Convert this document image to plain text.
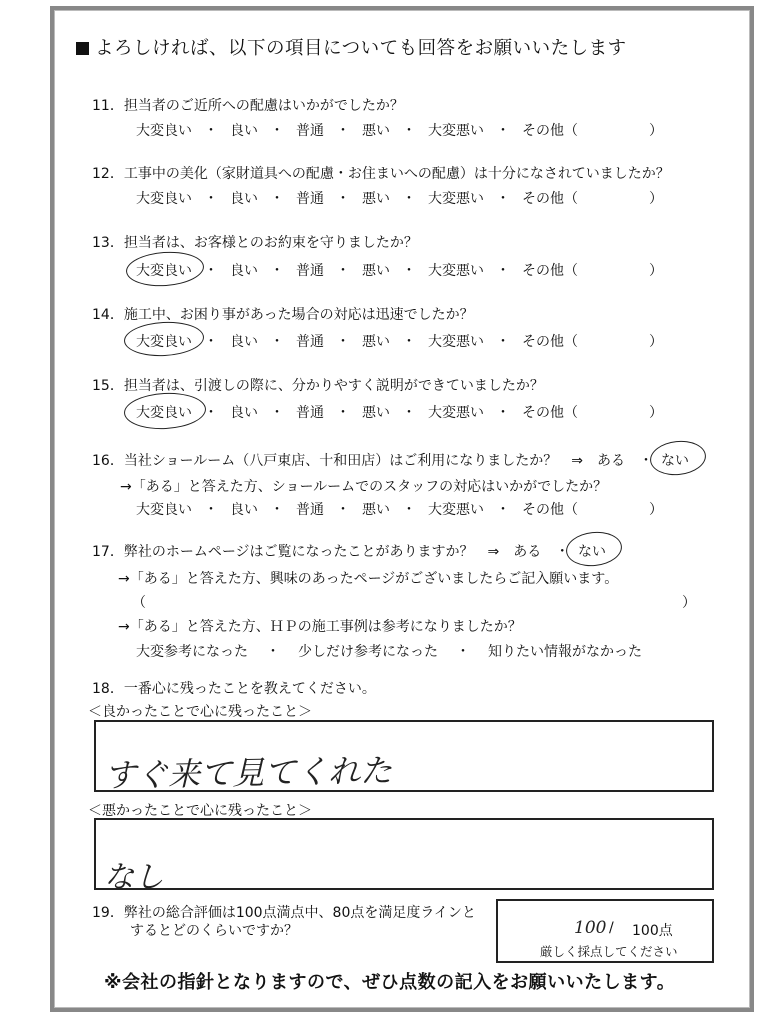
よろしければ、以下の項目についても回答をお願いいたします
11．担当者のご近所への配慮はいかがでしたか？
大変良い ・ 良い ・ 普通 ・ 悪い ・ 大変悪い ・ その他（	）
12．工事中の美化（家財道具への配慮・お住まいへの配慮）は十分になされていましたか？
大変良い ・ 良い ・ 普通 ・ 悪い ・ 大変悪い ・ その他（	）
13．担当者は、お客様とのお約束を守りましたか？
大変良い ・ 良い ・ 普通 ・ 悪い ・ 大変悪い ・ その他（	）
14．施工中、お困り事があった場合の対応は迅速でしたか？
大変良い ・ 良い ・ 普通 ・ 悪い ・ 大変悪い ・ その他（	）
15．担当者は、引渡しの際に、分かりやすく説明ができていましたか？
大変良い ・ 良い ・ 普通 ・ 悪い ・ 大変悪い ・ その他（	）
16．当社ショールーム（八戸東店、十和田店）はご利用になりましたか？　⇒　ある　・ ない
→「ある」と答えた方、ショールームでのスタッフの対応はいかがでしたか？
大変良い ・ 良い ・ 普通 ・ 悪い ・ 大変悪い ・ その他（	）
17．弊社のホームページはご覧になったことがありますか？　⇒　ある　・ ない
→「ある」と答えた方、興味のあったページがございましたらご記入願います。
（	）
→「ある」と答えた方、ＨＰの施工事例は参考になりましたか？
大変参考になった ・ 少しだけ参考になった ・ 知りたい情報がなかった
18．一番心に残ったことを教えてください。
＜良かったことで心に残ったこと＞
すぐ来て見てくれた
＜悪かったことで心に残ったこと＞
なし
19．弊社の総合評価は100点満点中、80点を満足度ラインと
するとどのくらいですか？	100 / 100点
厳しく採点してください
※会社の指針となりますので、ぜひ点数の記入をお願いいたします。
